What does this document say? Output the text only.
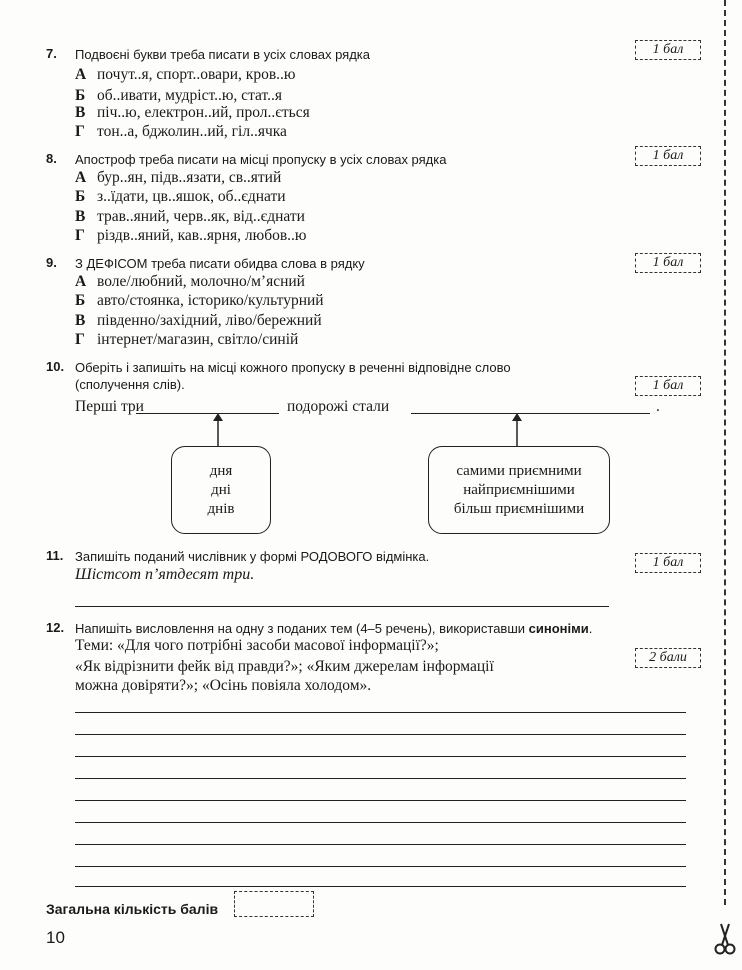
7. Подвоєні букви треба писати в усіх словах рядка	1 бал
А почут..я, спорт..овари, кров..ю
Б об..ивати, мудріст..ю, стат..я
В піч..ю, електрон..ий, прол..ється
Г тон..а, бджолин..ий, гіл..ячка
8. Апостроф треба писати на місці пропуску в усіх словах рядка	1 бал
А бур..ян, підв..язати, св..ятий
Б з..їдати, цв..яшок, об..єднати
В трав..яний, черв..як, від..єднати
Г різдв..яний, кав..ярня, любов..ю
9. З ДЕФІСОМ треба писати обидва слова в рядку	1 бал
А воле/любний, молочно/м’ясний
Б авто/стоянка, історико/культурний
В південно/західний, ліво/бережний
Г інтернет/магазин, світло/синій
10. Оберіть і запишіть на місці кожного пропуску в реченні відповідне слово
(сполучення слів).	1 бал
Перші три	подорожі стали	.
дня
дні
днів
самими приємними
найприємнішими
більш приємнішими
11. Запишіть поданий числівник у формі РОДОВОГО відмінка.	1 бал
Шістсот п’ятдесят три.
12. Напишіть висловлення на одну з поданих тем (4–5 речень), використавши синоніми.
2 бали
Теми: «Для чого потрібні засоби масової інформації?»;
«Як відрізнити фейк від правди?»; «Яким джерелам інформації
можна довіряти?»; «Осінь повіяла холодом».
Загальна кількість балів
10
